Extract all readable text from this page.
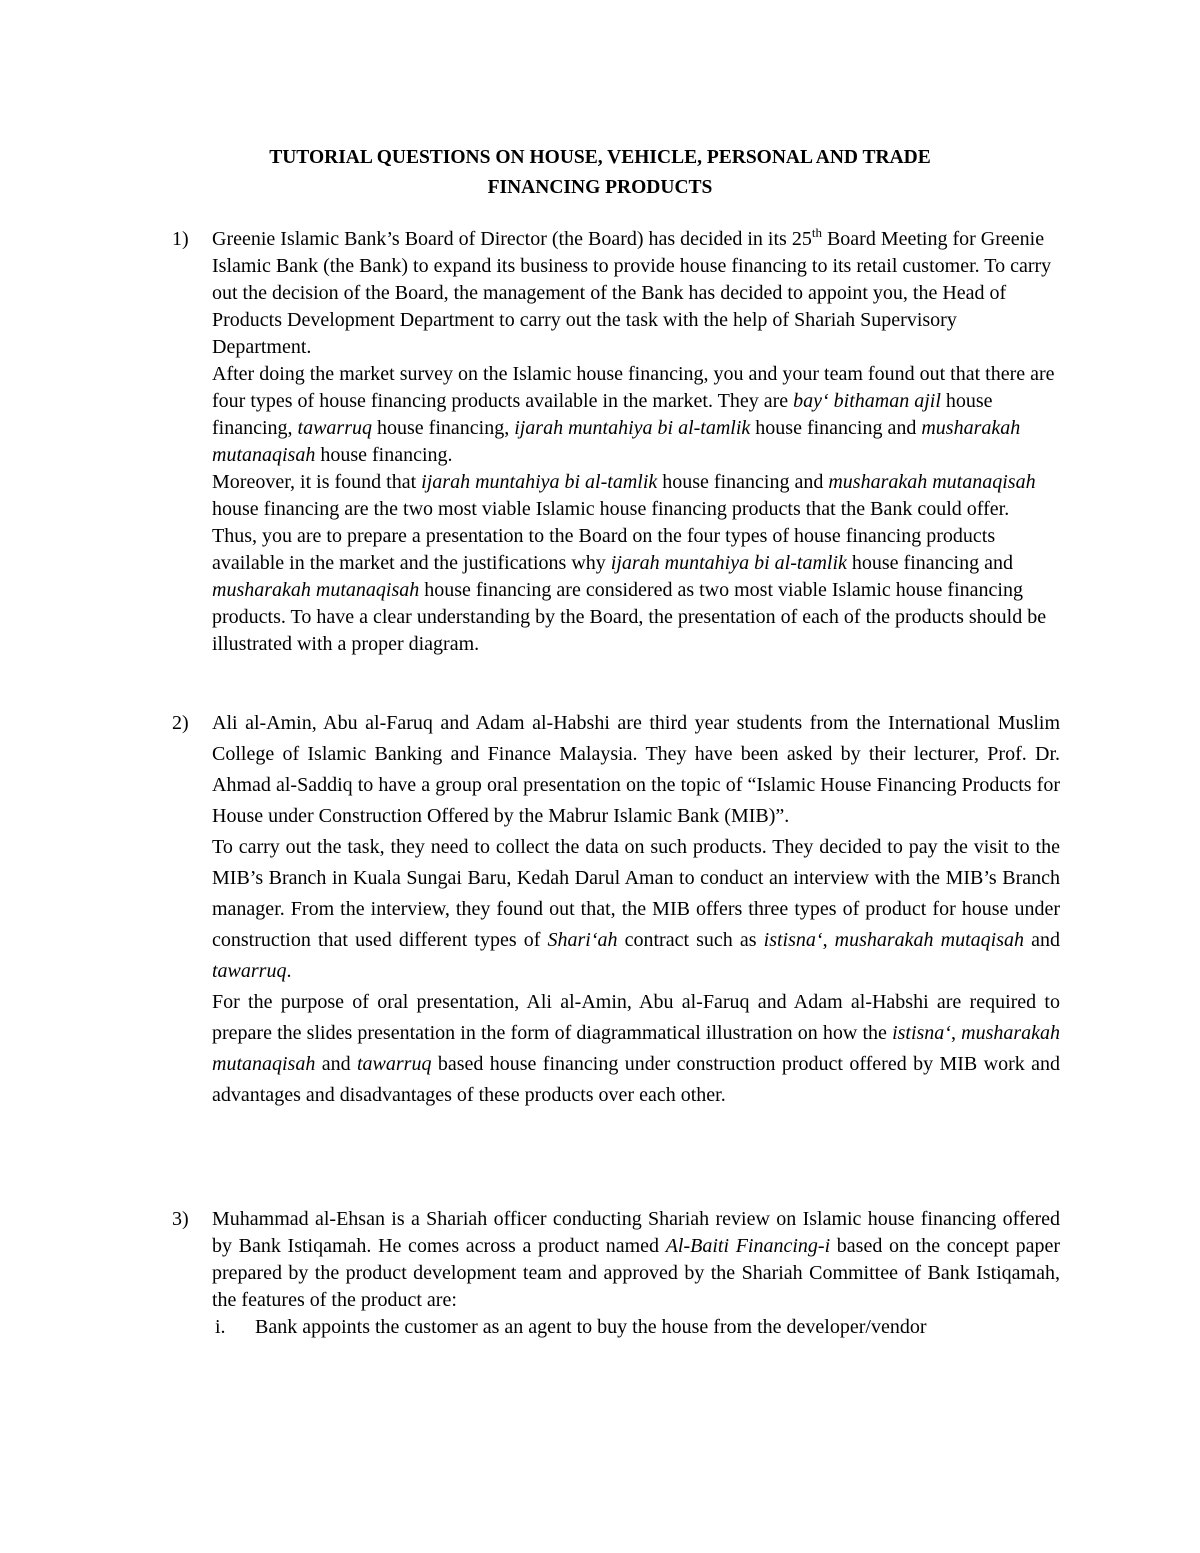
TUTORIAL QUESTIONS ON HOUSE, VEHICLE, PERSONAL AND TRADE
FINANCING PRODUCTS
1) Greenie Islamic Bank’s Board of Director (the Board) has decided in its 25th Board Meeting for Greenie Islamic Bank (the Bank) to expand its business to provide house financing to its retail customer. To carry out the decision of the Board, the management of the Bank has decided to appoint you, the Head of Products Development Department to carry out the task with the help of Shariah Supervisory Department.

After doing the market survey on the Islamic house financing, you and your team found out that there are four types of house financing products available in the market. They are bay‘ bithaman ajil house financing, tawarruq house financing, ijarah muntahiya bi al-tamlik house financing and musharakah mutanaqisah house financing.

Moreover, it is found that ijarah muntahiya bi al-tamlik house financing and musharakah mutanaqisah house financing are the two most viable Islamic house financing products that the Bank could offer.

Thus, you are to prepare a presentation to the Board on the four types of house financing products available in the market and the justifications why ijarah muntahiya bi al-tamlik house financing and musharakah mutanaqisah house financing are considered as two most viable Islamic house financing products. To have a clear understanding by the Board, the presentation of each of the products should be illustrated with a proper diagram.

2) Ali al-Amin, Abu al-Faruq and Adam al-Habshi are third year students from the International Muslim College of Islamic Banking and Finance Malaysia. They have been asked by their lecturer, Prof. Dr. Ahmad al-Saddiq to have a group oral presentation on the topic of “Islamic House Financing Products for House under Construction Offered by the Mabrur Islamic Bank (MIB)”.

To carry out the task, they need to collect the data on such products. They decided to pay the visit to the MIB’s Branch in Kuala Sungai Baru, Kedah Darul Aman to conduct an interview with the MIB’s Branch manager. From the interview, they found out that, the MIB offers three types of product for house under construction that used different types of Shari‘ah contract such as istisna‘, musharakah mutaqisah and tawarruq.

For the purpose of oral presentation, Ali al-Amin, Abu al-Faruq and Adam al-Habshi are required to prepare the slides presentation in the form of diagrammatical illustration on how the istisna‘, musharakah mutanaqisah and tawarruq based house financing under construction product offered by MIB work and advantages and disadvantages of these products over each other.

3) Muhammad al-Ehsan is a Shariah officer conducting Shariah review on Islamic house financing offered by Bank Istiqamah. He comes across a product named Al-Baiti Financing-i based on the concept paper prepared by the product development team and approved by the Shariah Committee of Bank Istiqamah, the features of the product are:

i. Bank appoints the customer as an agent to buy the house from the developer/vendor
